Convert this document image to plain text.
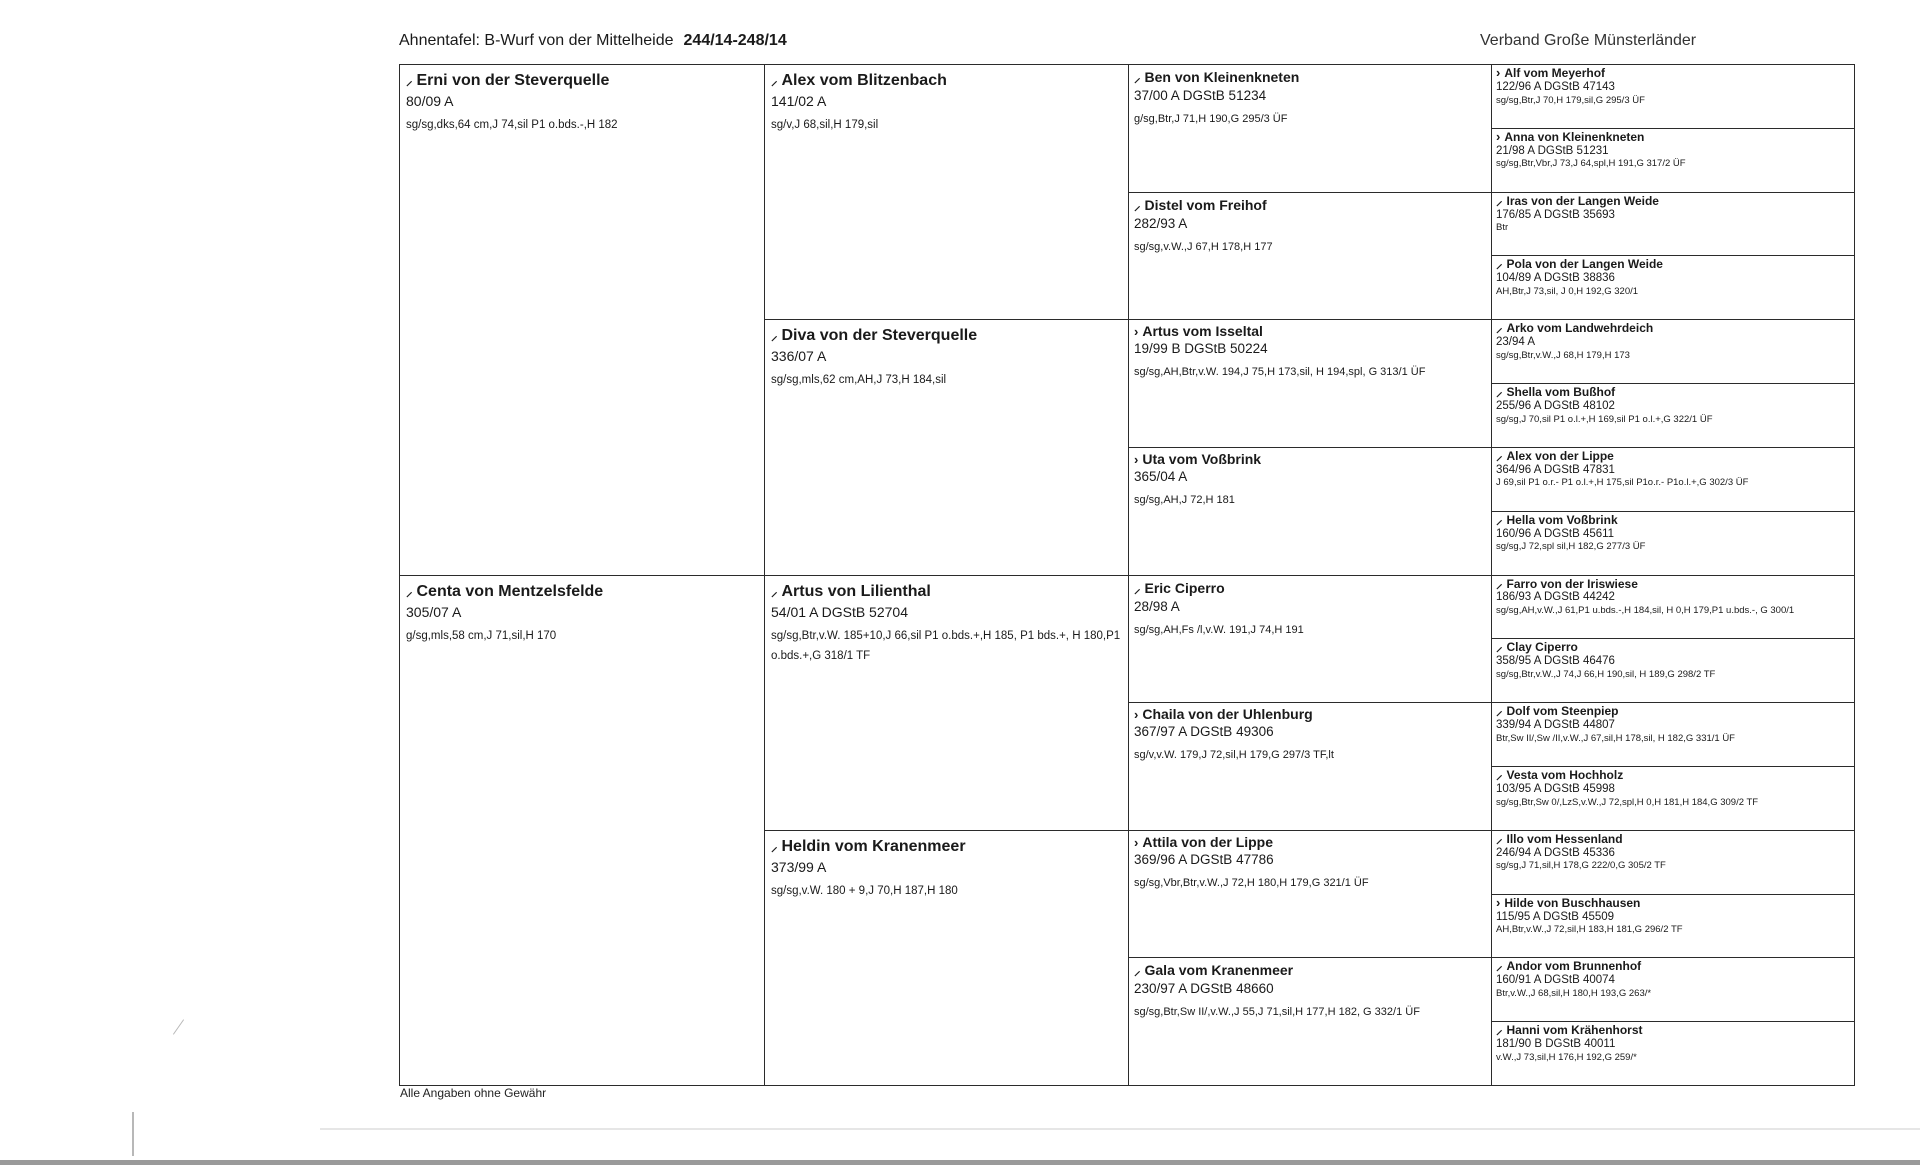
Ahnentafel: B-Wurf von der Mittelheide 244/14-248/14	Verband Große Münsterländer
⸝ Erni von der Steverquelle
80/09 A
sg/sg,dks,64 cm,J 74,sil P1 o.bds.-,H 182
⸝ Centa von Mentzelsfelde
305/07 A
g/sg,mls,58 cm,J 71,sil,H 170
⸝ Alex vom Blitzenbach
141/02 A
sg/v,J 68,sil,H 179,sil
⸝ Diva von der Steverquelle
336/07 A
sg/sg,mls,62 cm,AH,J 73,H 184,sil
⸝ Artus von Lilienthal
54/01 A DGStB 52704
sg/sg,Btr,v.W. 185+10,J 66,sil P1 o.bds.+,H 185, P1 bds.+, H 180,P1 o.bds.+,G 318/1 TF
⸝ Heldin vom Kranenmeer
373/99 A
sg/sg,v.W. 180 + 9,J 70,H 187,H 180
⸝ Ben von Kleinenkneten
37/00 A DGStB 51234
g/sg,Btr,J 71,H 190,G 295/3 ÜF
⸝ Distel vom Freihof
282/93 A
sg/sg,v.W.,J 67,H 178,H 177
› Artus vom Isseltal
19/99 B DGStB 50224
sg/sg,AH,Btr,v.W. 194,J 75,H 173,sil, H 194,spl, G 313/1 ÜF
› Uta vom Voßbrink
365/04 A
sg/sg,AH,J 72,H 181
⸝ Eric Ciperro
28/98 A
sg/sg,AH,Fs /l,v.W. 191,J 74,H 191
› Chaila von der Uhlenburg
367/97 A DGStB 49306
sg/v,v.W. 179,J 72,sil,H 179,G 297/3 TF,lt
› Attila von der Lippe
369/96 A DGStB 47786
sg/sg,Vbr,Btr,v.W.,J 72,H 180,H 179,G 321/1 ÜF
⸝ Gala vom Kranenmeer
230/97 A DGStB 48660
sg/sg,Btr,Sw II/,v.W.,J 55,J 71,sil,H 177,H 182, G 332/1 ÜF
› Alf vom Meyerhof
122/96 A DGStB 47143
sg/sg,Btr,J 70,H 179,sil,G 295/3 ÜF
› Anna von Kleinenkneten
21/98 A DGStB 51231
sg/sg,Btr,Vbr,J 73,J 64,spl,H 191,G 317/2 ÜF
⸝ Iras von der Langen Weide
176/85 A DGStB 35693
Btr
⸝ Pola von der Langen Weide
104/89 A DGStB 38836
AH,Btr,J 73,sil, J 0,H 192,G 320/1
⸝ Arko vom Landwehrdeich
23/94 A
sg/sg,Btr,v.W.,J 68,H 179,H 173
⸝ Shella vom Bußhof
255/96 A DGStB 48102
sg/sg,J 70,sil P1 o.l.+,H 169,sil P1 o.l.+,G 322/1 ÜF
⸝ Alex von der Lippe
364/96 A DGStB 47831
J 69,sil P1 o.r.- P1 o.l.+,H 175,sil P1o.r.- P1o.l.+,G 302/3 ÜF
⸝ Hella vom Voßbrink
160/96 A DGStB 45611
sg/sg,J 72,spl sil,H 182,G 277/3 ÜF
⸝ Farro von der Iriswiese
186/93 A DGStB 44242
sg/sg,AH,v.W.,J 61,P1 u.bds.-,H 184,sil, H 0,H 179,P1 u.bds.-, G 300/1
⸝ Clay Ciperro
358/95 A DGStB 46476
sg/sg,Btr,v.W.,J 74,J 66,H 190,sil, H 189,G 298/2 TF
⸝ Dolf vom Steenpiep
339/94 A DGStB 44807
Btr,Sw II/,Sw /II,v.W.,J 67,sil,H 178,sil, H 182,G 331/1 ÜF
⸝ Vesta vom Hochholz
103/95 A DGStB 45998
sg/sg,Btr,Sw 0/,LzS,v.W.,J 72,spl,H 0,H 181,H 184,G 309/2 TF
⸝ Illo vom Hessenland
246/94 A DGStB 45336
sg/sg,J 71,sil,H 178,G 222/0,G 305/2 TF
› Hilde von Buschhausen
115/95 A DGStB 45509
AH,Btr,v.W.,J 72,sil,H 183,H 181,G 296/2 TF
⸝ Andor vom Brunnenhof
160/91 A DGStB 40074
Btr,v.W.,J 68,sil,H 180,H 193,G 263/*
⸝ Hanni vom Krähenhorst
181/90 B DGStB 40011
v.W.,J 73,sil,H 176,H 192,G 259/*
Alle Angaben ohne Gewähr
